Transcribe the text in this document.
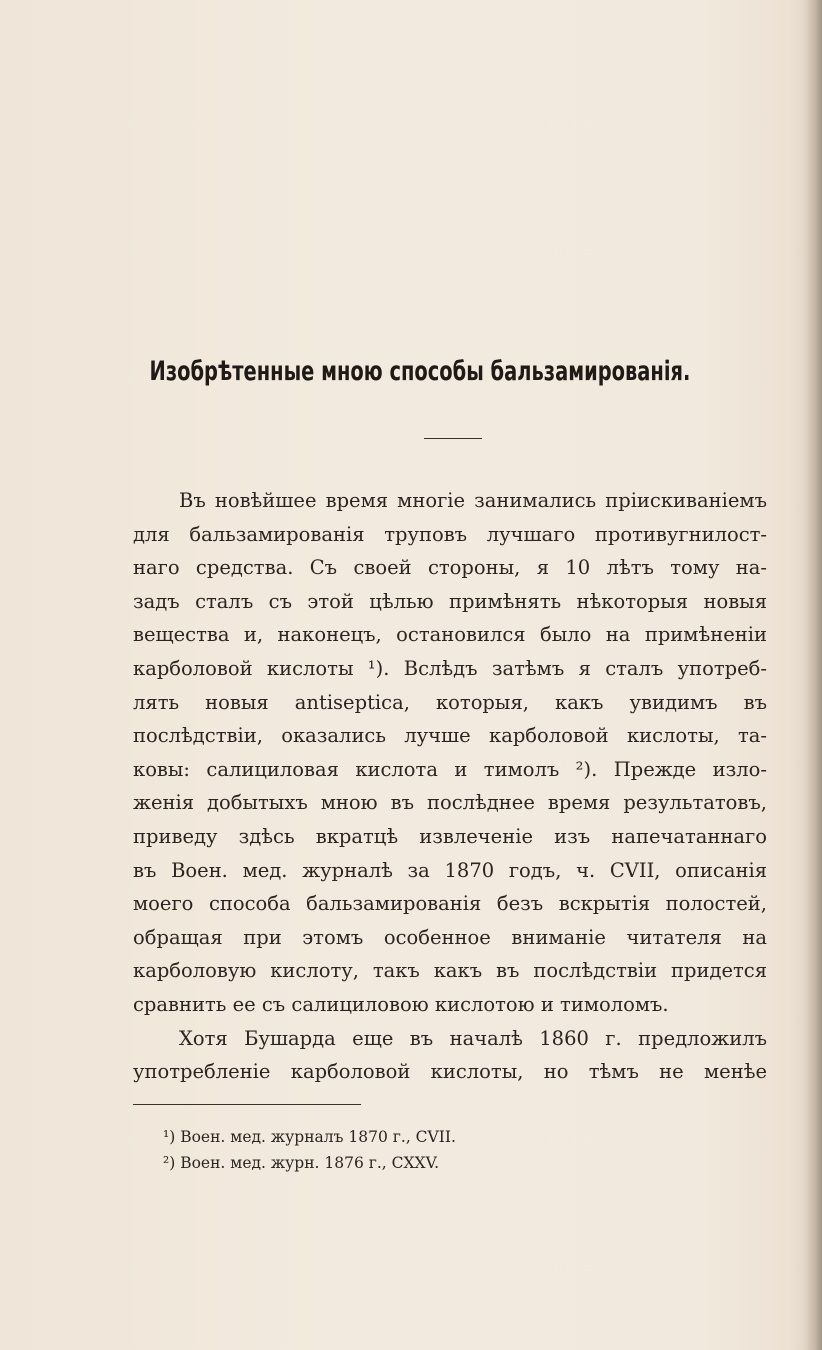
Изобрѣтенные мною способы бальзамированія.
Въ новѣйшее время многіе занимались пріискиваніемъ
для бальзамированія труповъ лучшаго противугнилост-
наго средства. Съ своей стороны, я 10 лѣтъ тому на-
задъ сталъ съ этой цѣлью примѣнять нѣкоторыя новыя
вещества и, наконецъ, остановился было на примѣненіи
карболовой кислоты ¹). Вслѣдъ затѣмъ я сталъ употреб-
лять новыя antiseptica, которыя, какъ увидимъ въ
послѣдствіи, оказались лучше карболовой кислоты, та-
ковы: салициловая кислота и тимолъ ²). Прежде изло-
женія добытыхъ мною въ послѣднее время результатовъ,
приведу здѣсь вкратцѣ извлеченіе изъ напечатаннаго
въ Воен. мед. журналѣ за 1870 годъ, ч. CVII, описанія
моего способа бальзамированія безъ вскрытія полостей,
обращая при этомъ особенное вниманіе читателя на
карболовую кислоту, такъ какъ въ послѣдствіи придется
сравнить ее съ салициловою кислотою и тимоломъ.
Хотя Бушарда еще въ началѣ 1860 г. предложилъ
употребленіе карболовой кислоты, но тѣмъ не менѣе
¹) Воен. мед. журналъ 1870 г., CVII.
²) Воен. мед. журн. 1876 г., CXXV.
